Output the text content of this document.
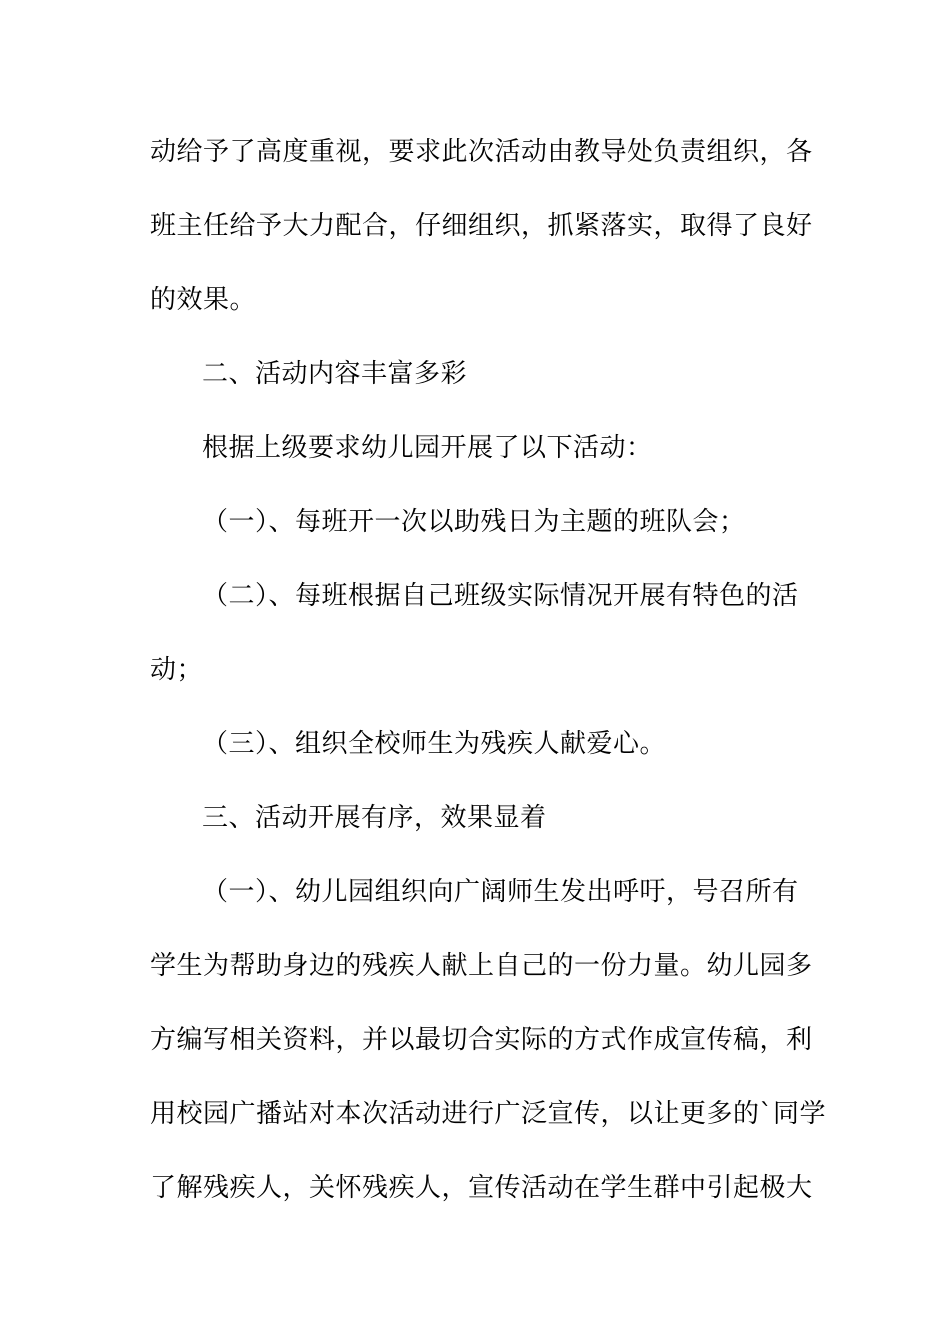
动给予了高度重视，要求此次活动由教导处负责组织，各
班主任给予大力配合，仔细组织，抓紧落实，取得了良好
的效果。
二、活动内容丰富多彩
根据上级要求幼儿园开展了以下活动：
（一）、每班开一次以助残日为主题的班队会；
（二）、每班根据自己班级实际情况开展有特色的活
动；
（三）、组织全校师生为残疾人献爱心。
三、活动开展有序，效果显着
（一）、幼儿园组织向广阔师生发出呼吁，号召所有
学生为帮助身边的残疾人献上自己的一份力量。幼儿园多
方编写相关资料，并以最切合实际的方式作成宣传稿，利
用校园广播站对本次活动进行广泛宣传，以让更多的`同学
了解残疾人，关怀残疾人，宣传活动在学生群中引起极大
